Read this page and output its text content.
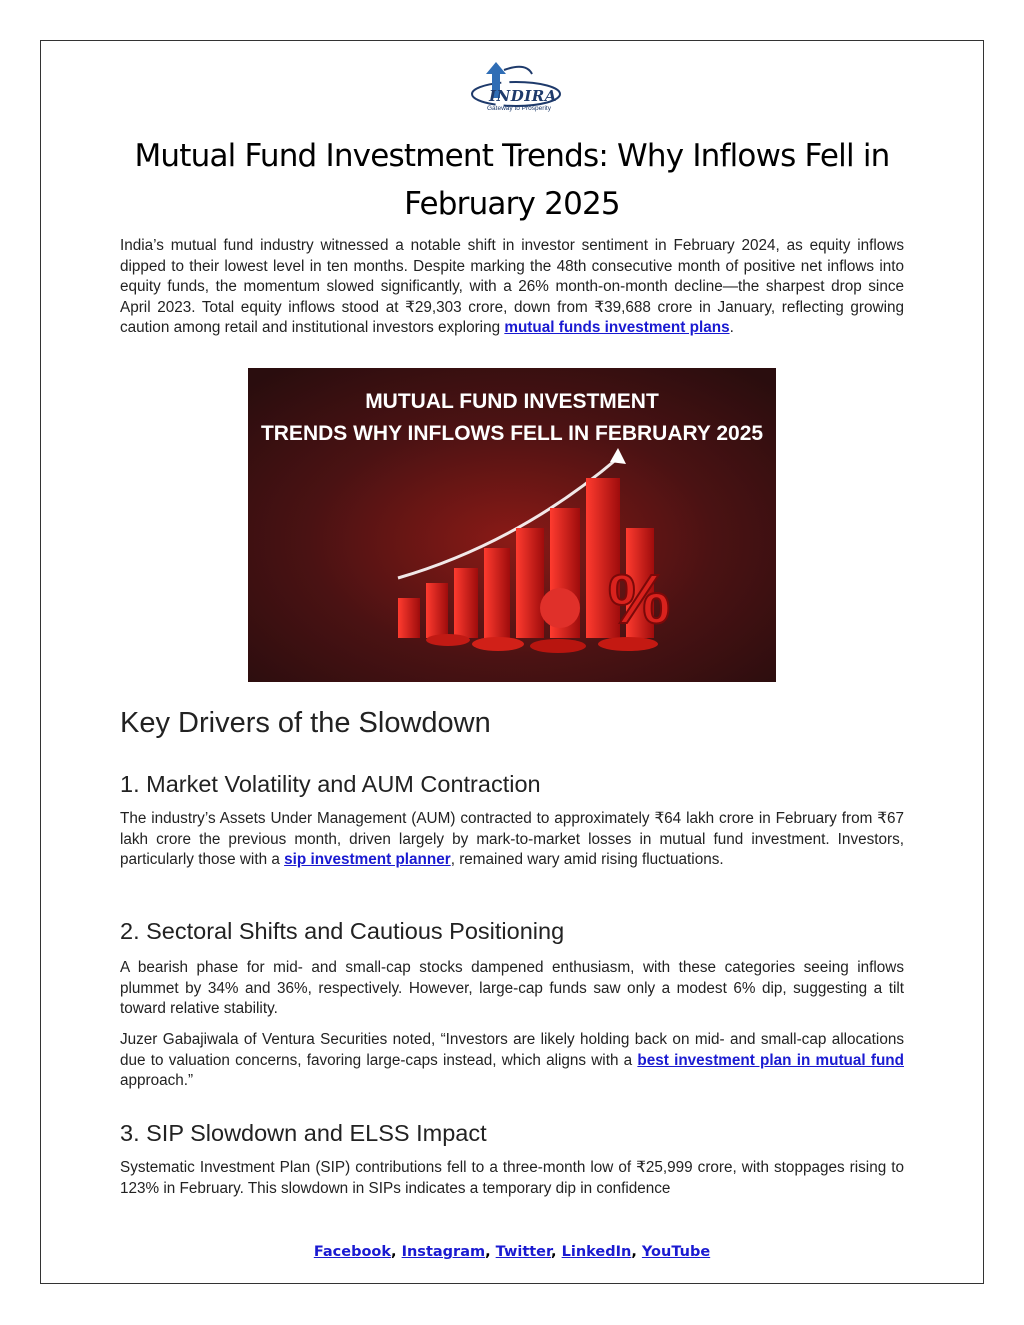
INDIRA
Gateway to Prosperity
Mutual Fund Investment Trends: Why Inflows Fell in February 2025

India’s mutual fund industry witnessed a notable shift in investor sentiment in February 2024, as equity inflows dipped to their lowest level in ten months. Despite marking the 48th consecutive month of positive net inflows into equity funds, the momentum slowed significantly, with a 26% month-on-month decline—the sharpest drop since April 2023. Total equity inflows stood at ₹29,303 crore, down from ₹39,688 crore in January, reflecting growing caution among retail and institutional investors exploring mutual funds investment plans.

MUTUAL FUND INVESTMENT
TRENDS WHY INFLOWS FELL IN FEBRUARY 2025
%
Key Drivers of the Slowdown
1. Market Volatility and AUM Contraction

The industry’s Assets Under Management (AUM) contracted to approximately ₹64 lakh crore in February from ₹67 lakh crore the previous month, driven largely by mark-to-market losses in mutual fund investment. Investors, particularly those with a sip investment planner, remained wary amid rising fluctuations.

2. Sectoral Shifts and Cautious Positioning

A bearish phase for mid- and small-cap stocks dampened enthusiasm, with these categories seeing inflows plummet by 34% and 36%, respectively. However, large-cap funds saw only a modest 6% dip, suggesting a tilt toward relative stability.

Juzer Gabajiwala of Ventura Securities noted, “Investors are likely holding back on mid- and small-cap allocations due to valuation concerns, favoring large-caps instead, which aligns with a best investment plan in mutual fund approach.”

3. SIP Slowdown and ELSS Impact

Systematic Investment Plan (SIP) contributions fell to a three-month low of ₹25,999 crore, with stoppages rising to 123% in February. This slowdown in SIPs indicates a temporary dip in confidence

Facebook, Instagram, Twitter, LinkedIn, YouTube
